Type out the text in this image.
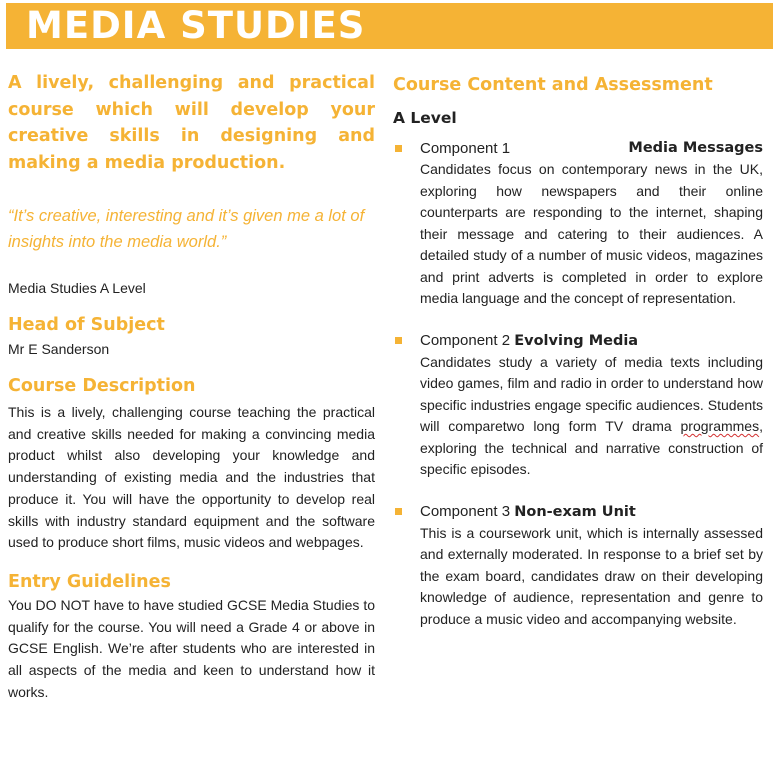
MEDIA STUDIES

A lively, challenging and practical course which will develop your creative skills in designing and making a media production.

“It’s creative, interesting and it’s given me a lot of insights into the media world.”

Media Studies A Level

Head of Subject

Mr E Sanderson

Course Description

This is a lively, challenging course teaching the practical and creative skills needed for making a convincing media product whilst also developing your knowledge and understanding of existing media and the industries that produce it. You will have the opportunity to develop real skills with industry standard equipment and the software used to produce short films, music videos and webpages.

Entry Guidelines

You DO NOT have to have studied GCSE Media Studies to qualify for the course. You will need a Grade 4 or above in GCSE English. We’re after students who are interested in all aspects of the media and keen to understand how it works.

Course Content and Assessment
A Level
Component 1	Media Messages

Candidates focus on contemporary news in the UK, exploring how newspapers and their online counterparts are responding to the internet, shaping their message and catering to their audiences. A detailed study of a number of music videos, magazines and print adverts is completed in order to explore media language and the concept of representation.

Component 2 Evolving Media

Candidates study a variety of media texts including video games, film and radio in order to understand how specific industries engage specific audiences. Students will comparetwo long form TV drama programmes, exploring the technical and narrative construction of specific episodes.

Component 3 Non-exam Unit

This is a coursework unit, which is internally assessed and externally moderated. In response to a brief set by the exam board, candidates draw on their developing knowledge of audience, representation and genre to produce a music video and accompanying website.
